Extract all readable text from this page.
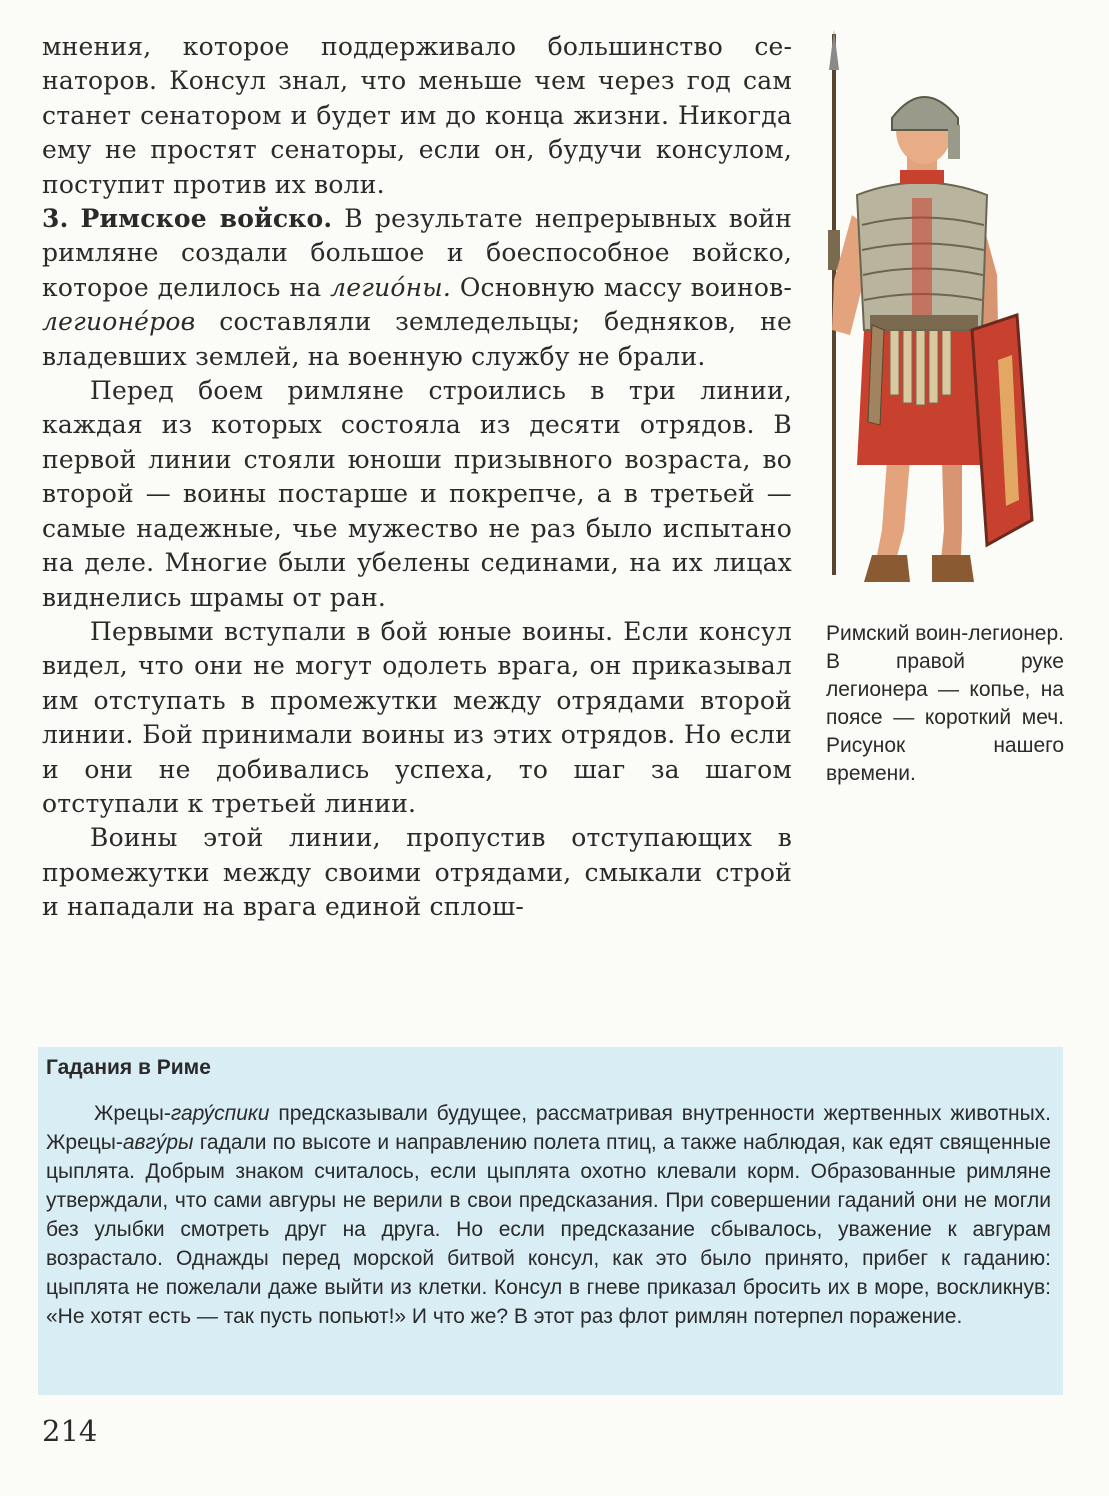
мнения, которое поддерживало большинство сенаторов. Консул знал, что меньше чем через год сам станет сенатором и будет им до конца жизни. Никогда ему не простят сенаторы, если он, будучи консулом, поступит против их воли.

3. Римское войско. В результате непрерывных войн римляне создали большое и боеспособное войско, которое делилось на легио́ны. Основную массу воинов-легионе́ров составляли земледельцы; бедняков, не владевших землей, на военную службу не брали.

Перед боем римляне строились в три линии, каждая из которых состояла из десяти отрядов. В первой линии стояли юноши призывного возраста, во второй — воины постарше и покрепче, а в третьей — самые надежные, чье мужество не раз было испытано на деле. Многие были убелены сединами, на их лицах виднелись шрамы от ран.

Первыми вступали в бой юные воины. Если консул видел, что они не могут одолеть врага, он приказывал им отступать в промежутки между отрядами второй линии. Бой принимали воины из этих отрядов. Но если и они не добивались успеха, то шаг за шагом отступали к третьей линии.

Воины этой линии, пропустив отступающих в промежутки между своими отрядами, смыкали строй и нападали на врага единой сплош-

Римский воин-легионер. В правой руке легионера — копье, на поясе — короткий меч. Рисунок нашего времени.
Гадания в Риме

Жрецы-гару́спики предсказывали будущее, рассматривая внутренности жертвенных животных. Жрецы-авгу́ры гадали по высоте и направлению полета птиц, а также наблюдая, как едят священные цыплята. Добрым знаком считалось, если цыплята охотно клевали корм. Образованные римляне утверждали, что сами авгуры не верили в свои предсказания. При совершении гаданий они не могли без улыбки смотреть друг на друга. Но если предсказание сбывалось, уважение к авгурам возрастало. Однажды перед морской битвой консул, как это было принято, прибег к гаданию: цыплята не пожелали даже выйти из клетки. Консул в гневе приказал бросить их в море, воскликнув: «Не хотят есть — так пусть попьют!» И что же? В этот раз флот римлян потерпел поражение.

214
